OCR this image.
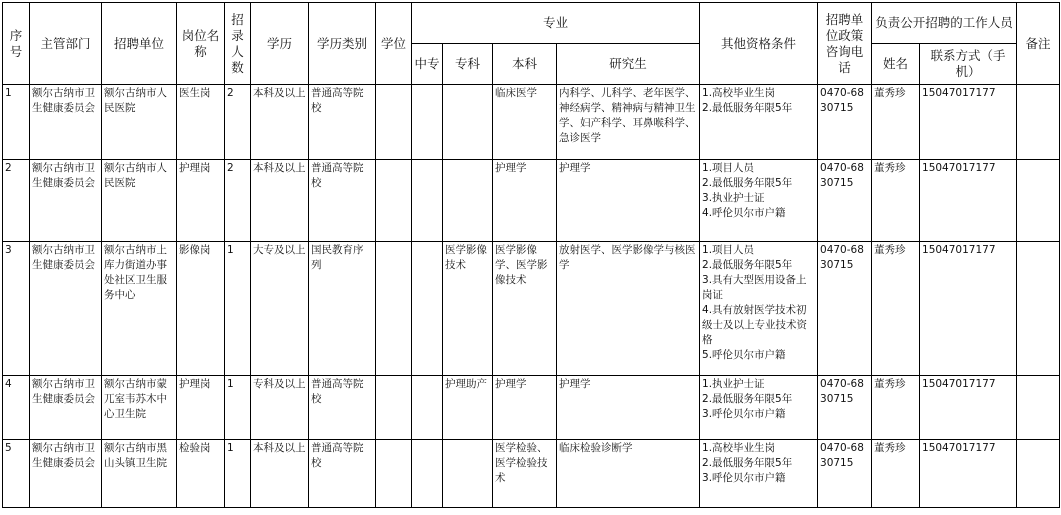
序号	主管部门	招聘单位	岗位名称	招录人数	学历	学历类别	学位	专业				其他资格条件	招聘单位政策咨询电话	负责公开招聘的工作人员		备注
								中专	专科	本科	研究生			姓名	联系方式（手机）	
1	额尔古纳市卫生健康委员会	额尔古纳市人民医院	医生岗	2	本科及以上	普通高等院校				临床医学	内科学、儿科学、老年医学、神经病学、精神病与精神卫生学、妇产科学、耳鼻喉科学、急诊医学	1.高校毕业生岗
2.最低服务年限5年	0470-6830715	董秀珍	15047017177	
2	额尔古纳市卫生健康委员会	额尔古纳市人民医院	护理岗	2	本科及以上	普通高等院校				护理学	护理学	1.项目人员
2.最低服务年限5年
3.执业护士证
4.呼伦贝尔市户籍	0470-6830715	董秀珍	15047017177	
3	额尔古纳市卫生健康委员会	额尔古纳市上库力街道办事处社区卫生服务中心	影像岗	1	大专及以上	国民教育序列			医学影像技术	医学影像学、医学影像技术	放射医学、医学影像学与核医学	1.项目人员
2.最低服务年限5年
3.具有大型医用设备上岗证
4.具有放射医学技术初级士及以上专业技术资格
5.呼伦贝尔市户籍	0470-6830715	董秀珍	15047017177	
4	额尔古纳市卫生健康委员会	额尔古纳市蒙兀室韦苏木中心卫生院	护理岗	1	专科及以上	普通高等院校			护理助产	护理学	护理学	1.执业护士证
2.最低服务年限5年
3.呼伦贝尔市户籍	0470-6830715	董秀珍	15047017177	
5	额尔古纳市卫生健康委员会	额尔古纳市黑山头镇卫生院	检验岗	1	本科及以上	普通高等院校				医学检验、医学检验技术	临床检验诊断学	1.高校毕业生岗
2.最低服务年限5年
3.呼伦贝尔市户籍	0470-6830715	董秀珍	15047017177	
